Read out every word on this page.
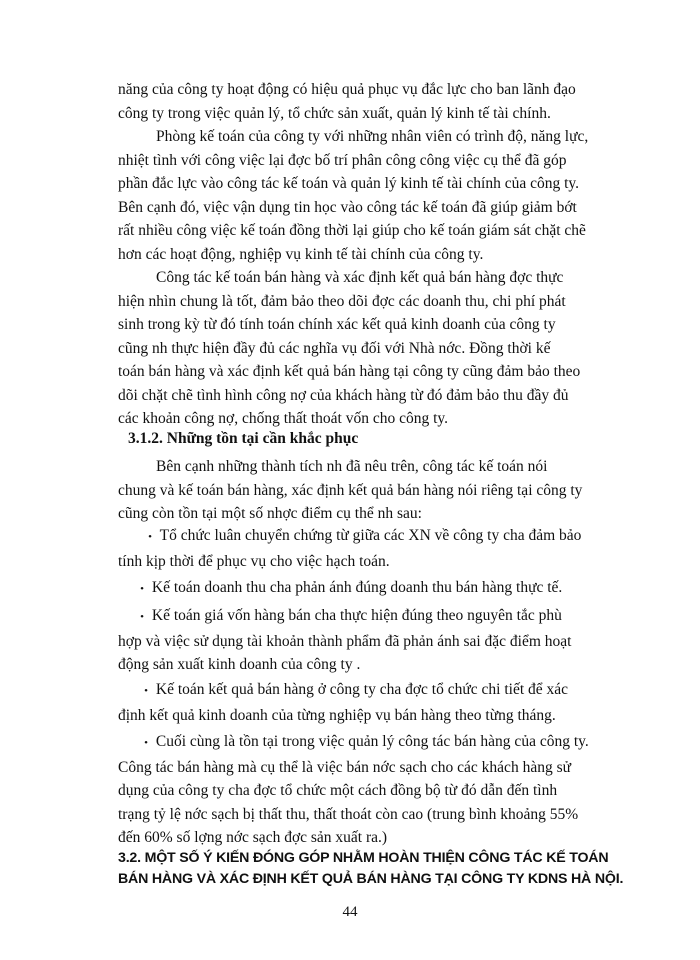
năng của công ty hoạt động có hiệu quả phục vụ đắc lực cho ban lãnh đạo
công ty trong việc quản lý, tổ chức sản xuất, quản lý kinh tế tài chính.

Phòng kế toán của công ty với những nhân viên có trình độ, năng lực,
nhiệt tình với công việc lại đợc bố trí phân công công việc cụ thể đã góp
phần đắc lực vào công tác kế toán và quản lý kinh tế tài chính của công ty.
Bên cạnh đó, việc vận dụng tin học vào công tác kế toán đã giúp giảm bớt
rất nhiều công việc kế toán đồng thời lại giúp cho kế toán giám sát chặt chẽ
hơn các hoạt động, nghiệp vụ kinh tế tài chính của công ty.

Công tác kế toán bán hàng và xác định kết quả bán hàng đợc thực
hiện nhìn chung là tốt, đảm bảo theo dõi đợc các doanh thu, chi phí phát
sinh trong kỳ từ đó tính toán chính xác kết quả kinh doanh của công ty
cũng nh thực hiện đầy đủ các nghĩa vụ đối với Nhà nớc. Đồng thời kế
toán bán hàng và xác định kết quả bán hàng tại công ty cũng đảm bảo theo
dõi chặt chẽ tình hình công nợ của khách hàng từ đó đảm bảo thu đầy đủ
các khoản công nợ, chống thất thoát vốn cho công ty.

3.1.2. Những tồn tại cần khắc phục

Bên cạnh những thành tích nh đã nêu trên, công tác kế toán nói
chung và kế toán bán hàng, xác định kết quả bán hàng nói riêng tại công ty
cũng còn tồn tại một số nhợc điểm cụ thể nh sau:

• Tổ chức luân chuyển chứng từ giữa các XN về công ty cha đảm bảo
tính kịp thời để phục vụ cho việc hạch toán.

• Kế toán doanh thu cha phản ánh đúng doanh thu bán hàng thực tế.

• Kế toán giá vốn hàng bán cha thực hiện đúng theo nguyên tắc phù
hợp và việc sử dụng tài khoản thành phẩm đã phản ánh sai đặc điểm hoạt
động sản xuất kinh doanh của công ty .

• Kế toán kết quả bán hàng ở công ty cha đợc tổ chức chi tiết để xác
định kết quả kinh doanh của từng nghiệp vụ bán hàng theo từng tháng.

• Cuối cùng là tồn tại trong việc quản lý công tác bán hàng của công ty.
Công tác bán hàng mà cụ thể là việc bán nớc sạch cho các khách hàng sử
dụng của công ty cha đợc tổ chức một cách đồng bộ từ đó dẫn đến tình
trạng tỷ lệ nớc sạch bị thất thu, thất thoát còn cao (trung bình khoảng 55%
đến 60% số lợng nớc sạch đợc sản xuất ra.)

3.2. MỘT SỐ Ý KIẾN ĐÓNG GÓP NHẰM HOÀN THIỆN CÔNG TÁC KẾ TOÁN
BÁN HÀNG VÀ XÁC ĐỊNH KẾT QUẢ BÁN HÀNG TẠI CÔNG TY KDNS HÀ NỘI.
44
